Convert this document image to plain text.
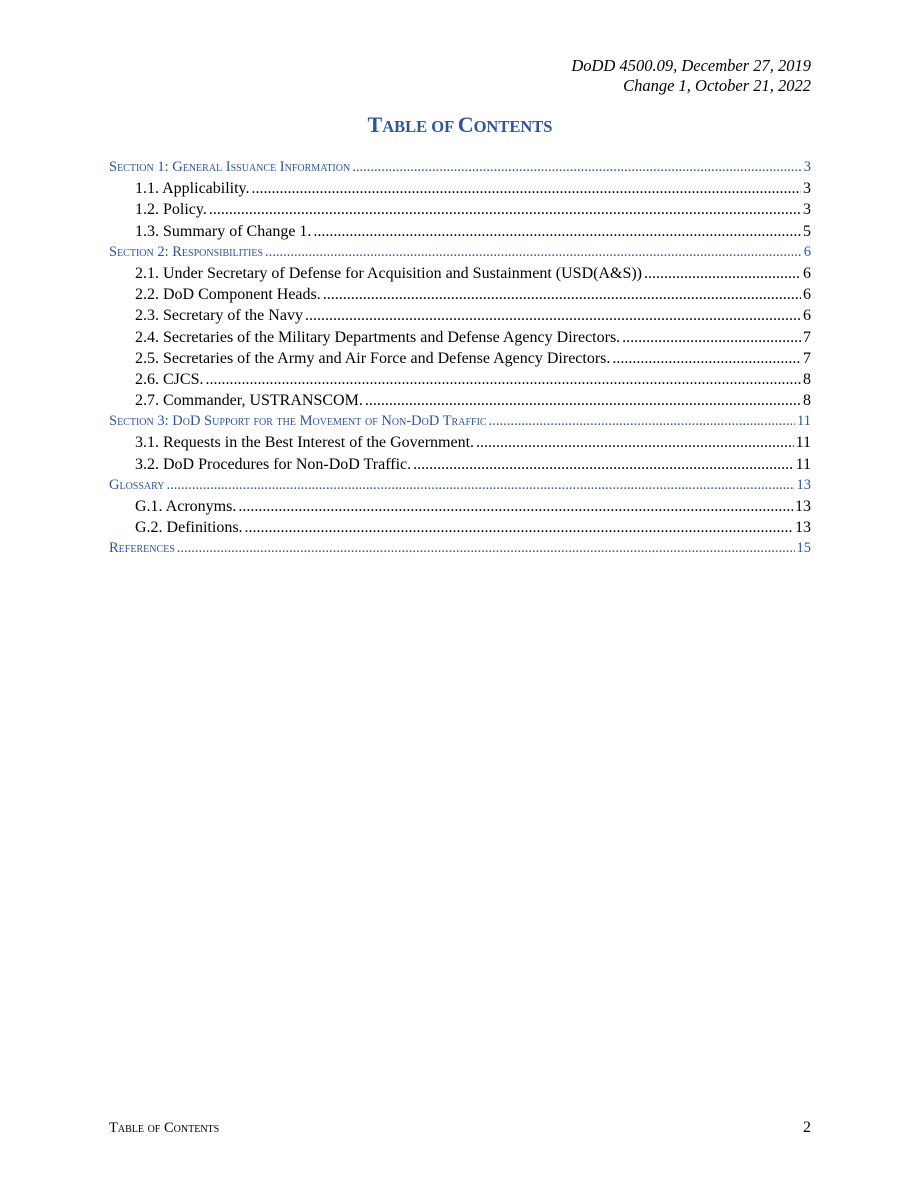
DoDD 4500.09, December 27, 2019
Change 1, October 21, 2022
TABLE OF CONTENTS
Section 1: General Issuance Information .....	3
1.1. Applicability. .....	3
1.2. Policy. .....	3
1.3. Summary of Change 1. .....	5
Section 2: Responsibilities .....	6
2.1. Under Secretary of Defense for Acquisition and Sustainment (USD(A&S)) .....	6
2.2. DoD Component Heads. .....	6
2.3. Secretary of the Navy .....	6
2.4. Secretaries of the Military Departments and Defense Agency Directors. .....	7
2.5. Secretaries of the Army and Air Force and Defense Agency Directors. .....	7
2.6. CJCS. .....	8
2.7. Commander, USTRANSCOM. .....	8
Section 3: DoD Support for the Movement of Non-DoD Traffic .....	11
3.1. Requests in the Best Interest of the Government. .....	11
3.2. DoD Procedures for Non-DoD Traffic. .....	11
Glossary .....	13
G.1. Acronyms. .....	13
G.2. Definitions. .....	13
References .....	15
Table of Contents	2
